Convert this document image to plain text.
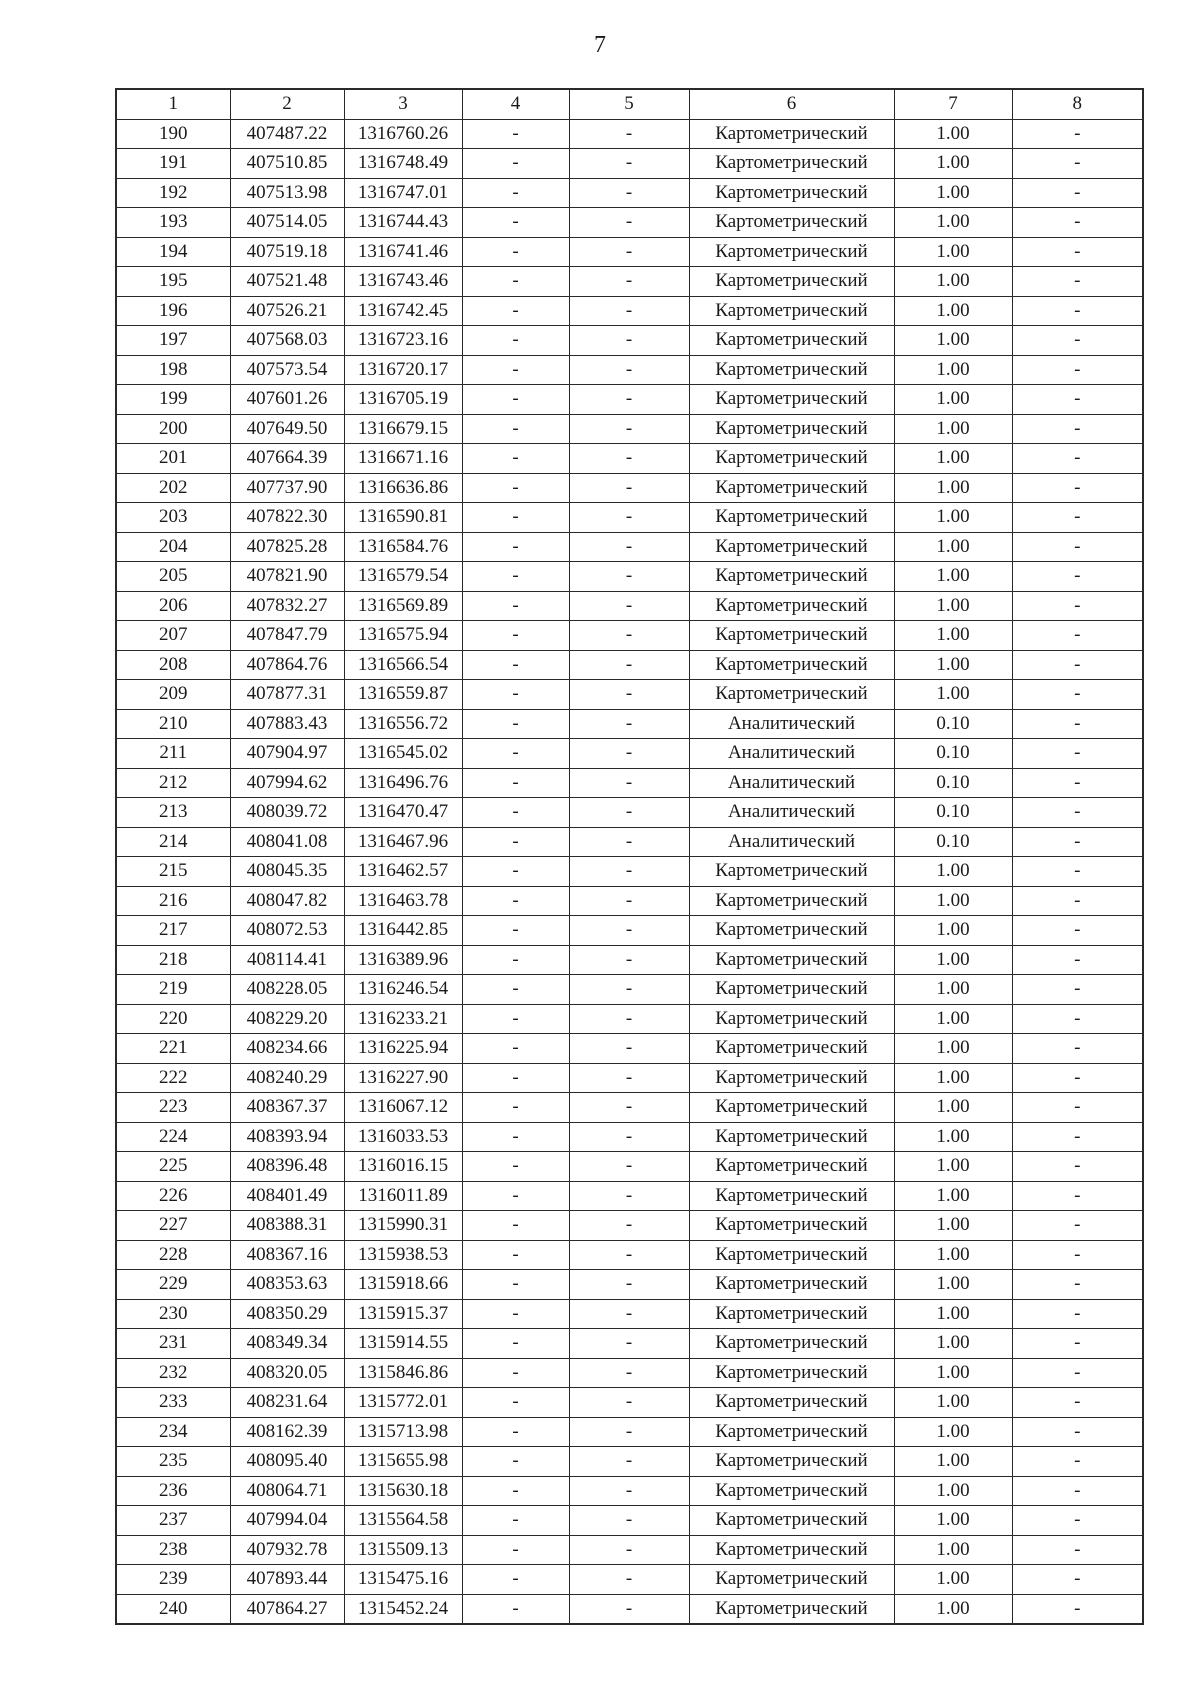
7
1	2	3	4	5	6	7	8
190	407487.22	1316760.26	-	-	Картометрический	1.00	-
191	407510.85	1316748.49	-	-	Картометрический	1.00	-
192	407513.98	1316747.01	-	-	Картометрический	1.00	-
193	407514.05	1316744.43	-	-	Картометрический	1.00	-
194	407519.18	1316741.46	-	-	Картометрический	1.00	-
195	407521.48	1316743.46	-	-	Картометрический	1.00	-
196	407526.21	1316742.45	-	-	Картометрический	1.00	-
197	407568.03	1316723.16	-	-	Картометрический	1.00	-
198	407573.54	1316720.17	-	-	Картометрический	1.00	-
199	407601.26	1316705.19	-	-	Картометрический	1.00	-
200	407649.50	1316679.15	-	-	Картометрический	1.00	-
201	407664.39	1316671.16	-	-	Картометрический	1.00	-
202	407737.90	1316636.86	-	-	Картометрический	1.00	-
203	407822.30	1316590.81	-	-	Картометрический	1.00	-
204	407825.28	1316584.76	-	-	Картометрический	1.00	-
205	407821.90	1316579.54	-	-	Картометрический	1.00	-
206	407832.27	1316569.89	-	-	Картометрический	1.00	-
207	407847.79	1316575.94	-	-	Картометрический	1.00	-
208	407864.76	1316566.54	-	-	Картометрический	1.00	-
209	407877.31	1316559.87	-	-	Картометрический	1.00	-
210	407883.43	1316556.72	-	-	Аналитический	0.10	-
211	407904.97	1316545.02	-	-	Аналитический	0.10	-
212	407994.62	1316496.76	-	-	Аналитический	0.10	-
213	408039.72	1316470.47	-	-	Аналитический	0.10	-
214	408041.08	1316467.96	-	-	Аналитический	0.10	-
215	408045.35	1316462.57	-	-	Картометрический	1.00	-
216	408047.82	1316463.78	-	-	Картометрический	1.00	-
217	408072.53	1316442.85	-	-	Картометрический	1.00	-
218	408114.41	1316389.96	-	-	Картометрический	1.00	-
219	408228.05	1316246.54	-	-	Картометрический	1.00	-
220	408229.20	1316233.21	-	-	Картометрический	1.00	-
221	408234.66	1316225.94	-	-	Картометрический	1.00	-
222	408240.29	1316227.90	-	-	Картометрический	1.00	-
223	408367.37	1316067.12	-	-	Картометрический	1.00	-
224	408393.94	1316033.53	-	-	Картометрический	1.00	-
225	408396.48	1316016.15	-	-	Картометрический	1.00	-
226	408401.49	1316011.89	-	-	Картометрический	1.00	-
227	408388.31	1315990.31	-	-	Картометрический	1.00	-
228	408367.16	1315938.53	-	-	Картометрический	1.00	-
229	408353.63	1315918.66	-	-	Картометрический	1.00	-
230	408350.29	1315915.37	-	-	Картометрический	1.00	-
231	408349.34	1315914.55	-	-	Картометрический	1.00	-
232	408320.05	1315846.86	-	-	Картометрический	1.00	-
233	408231.64	1315772.01	-	-	Картометрический	1.00	-
234	408162.39	1315713.98	-	-	Картометрический	1.00	-
235	408095.40	1315655.98	-	-	Картометрический	1.00	-
236	408064.71	1315630.18	-	-	Картометрический	1.00	-
237	407994.04	1315564.58	-	-	Картометрический	1.00	-
238	407932.78	1315509.13	-	-	Картометрический	1.00	-
239	407893.44	1315475.16	-	-	Картометрический	1.00	-
240	407864.27	1315452.24	-	-	Картометрический	1.00	-
